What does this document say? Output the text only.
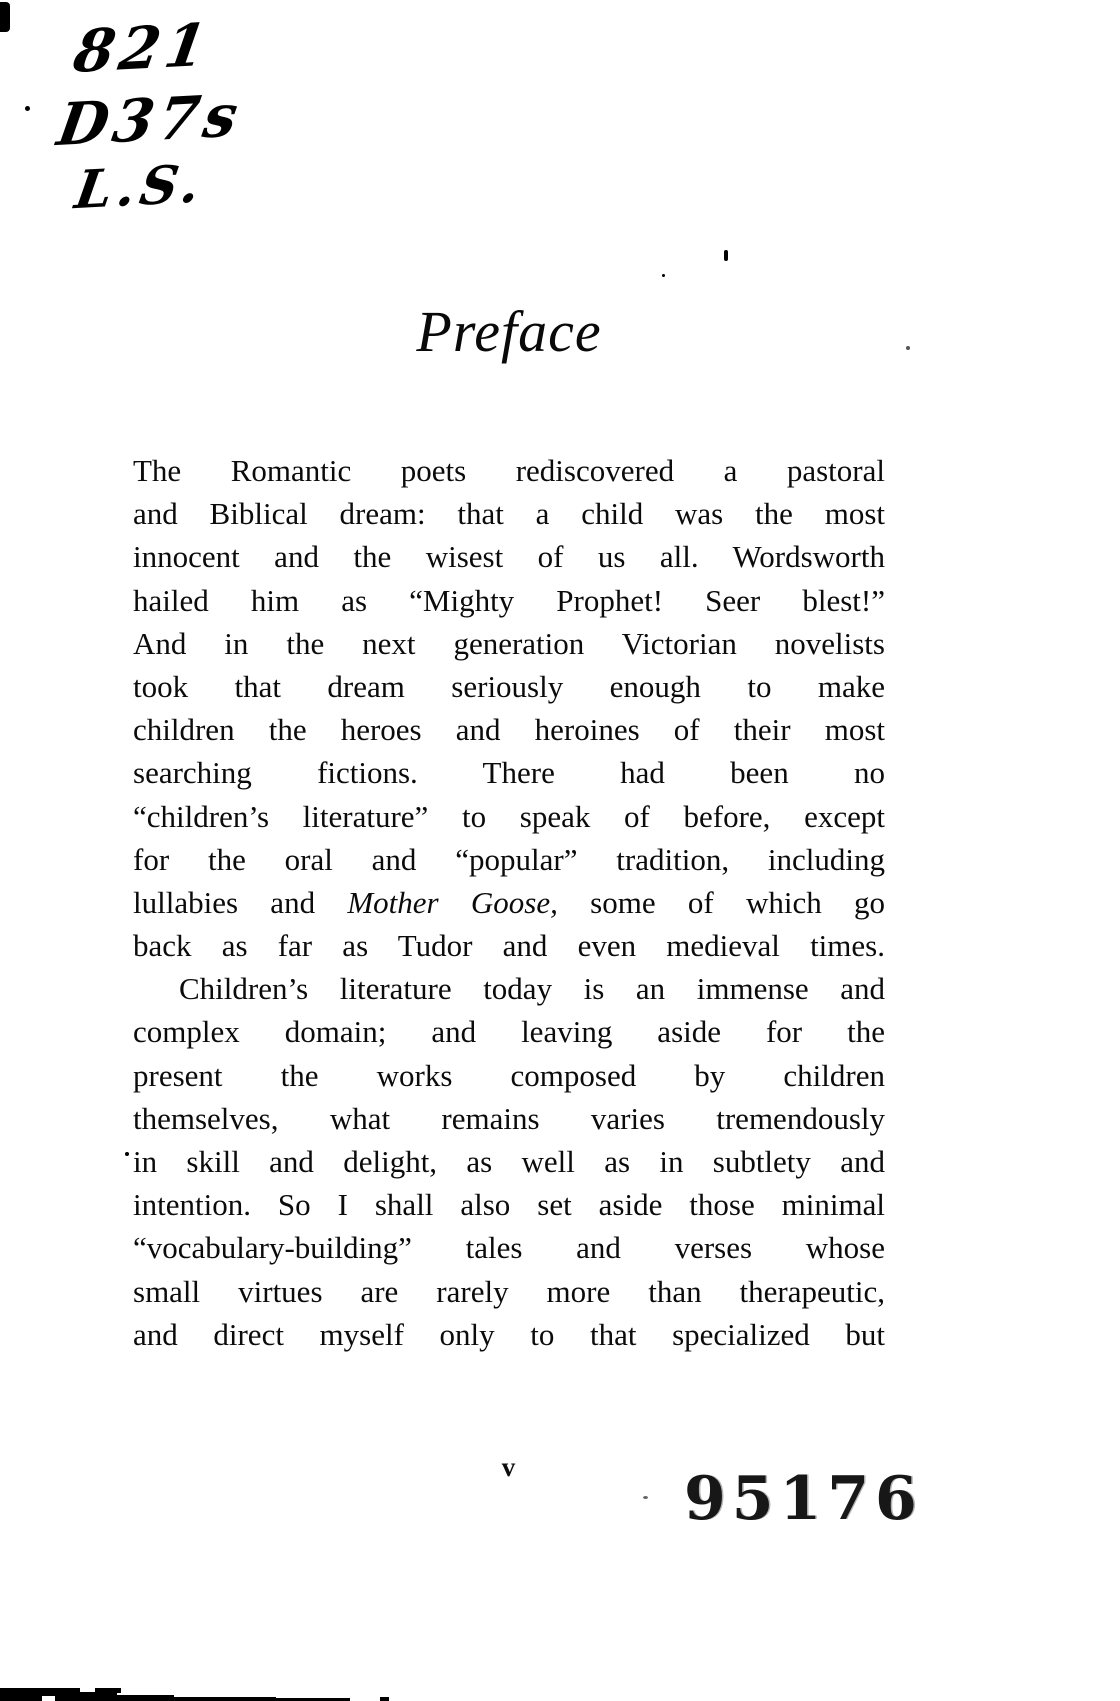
821
D37s
L.S.
Preface
The Romantic poets rediscovered a pastoral
and Biblical dream: that a child was the most
innocent and the wisest of us all. Wordsworth
hailed him as “Mighty Prophet! Seer blest!”
And in the next generation Victorian novelists
took that dream seriously enough to make
children the heroes and heroines of their most
searching fictions. There had been no
“children’s literature” to speak of before, except
for the oral and “popular” tradition, including
lullabies and Mother Goose, some of which go
back as far as Tudor and even medieval times.
Children’s literature today is an immense and
complex domain; and leaving aside for the
present the works composed by children
themselves, what remains varies tremendously
in skill and delight, as well as in subtlety and
intention. So I shall also set aside those minimal
“vocabulary-building” tales and verses whose
small virtues are rarely more than therapeutic,
and direct myself only to that specialized but
v	95176
